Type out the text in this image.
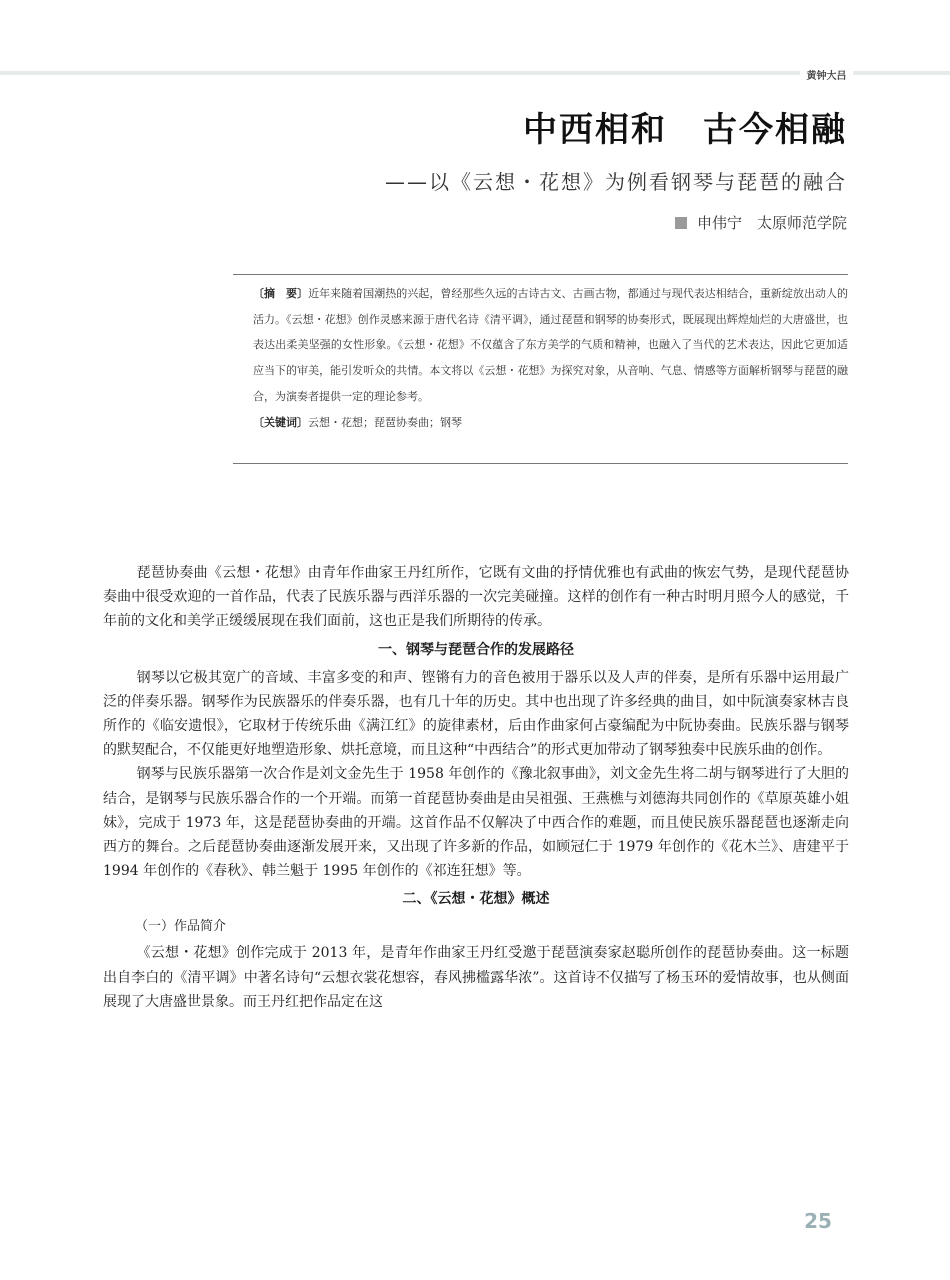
黄钟大吕
中西相和　古今相融
——以《云想・花想》为例看钢琴与琵琶的融合
申伟宁　太原师范学院

〔摘　要〕近年来随着国潮热的兴起，曾经那些久远的古诗古文、古画古物，都通过与现代表达相结合，重新绽放出动人的活力。《云想・花想》创作灵感来源于唐代名诗《清平调》，通过琵琶和钢琴的协奏形式，既展现出辉煌灿烂的大唐盛世，也表达出柔美坚强的女性形象。《云想・花想》不仅蕴含了东方美学的气质和精神，也融入了当代的艺术表达，因此它更加适应当下的审美，能引发听众的共情。本文将以《云想・花想》为探究对象，从音响、气息、情感等方面解析钢琴与琵琶的融合，为演奏者提供一定的理论参考。

〔关键词〕云想・花想；琵琶协奏曲；钢琴

琵琶协奏曲《云想・花想》由青年作曲家王丹红所作，它既有文曲的抒情优雅也有武曲的恢宏气势，是现代琵琶协奏曲中很受欢迎的一首作品，代表了民族乐器与西洋乐器的一次完美碰撞。这样的创作有一种古时明月照今人的感觉，千年前的文化和美学正缓缓展现在我们面前，这也正是我们所期待的传承。

一、钢琴与琵琶合作的发展路径

钢琴以它极其宽广的音域、丰富多变的和声、铿锵有力的音色被用于器乐以及人声的伴奏，是所有乐器中运用最广泛的伴奏乐器。钢琴作为民族器乐的伴奏乐器，也有几十年的历史。其中也出现了许多经典的曲目，如中阮演奏家林吉良所作的《临安遗恨》，它取材于传统乐曲《满江红》的旋律素材，后由作曲家何占豪编配为中阮协奏曲。民族乐器与钢琴的默契配合，不仅能更好地塑造形象、烘托意境，而且这种“中西结合”的形式更加带动了钢琴独奏中民族乐曲的创作。

钢琴与民族乐器第一次合作是刘文金先生于 1958 年创作的《豫北叙事曲》，刘文金先生将二胡与钢琴进行了大胆的结合，是钢琴与民族乐器合作的一个开端。而第一首琵琶协奏曲是由吴祖强、王燕樵与刘德海共同创作的《草原英雄小姐妹》，完成于 1973 年，这是琵琶协奏曲的开端。这首作品不仅解决了中西合作的难题，而且使民族乐器琵琶也逐渐走向西方的舞台。之后琵琶协奏曲逐渐发展开来，又出现了许多新的作品，如顾冠仁于 1979 年创作的《花木兰》、唐建平于 1994 年创作的《春秋》、韩兰魁于 1995 年创作的《祁连狂想》等。

二、《云想・花想》概述
（一）作品简介

《云想・花想》创作完成于 2013 年，是青年作曲家王丹红受邀于琵琶演奏家赵聪所创作的琵琶协奏曲。这一标题出自李白的《清平调》中著名诗句“云想衣裳花想容，春风拂槛露华浓”。这首诗不仅描写了杨玉环的爱情故事，也从侧面展现了大唐盛世景象。而王丹红把作品定在这

25
